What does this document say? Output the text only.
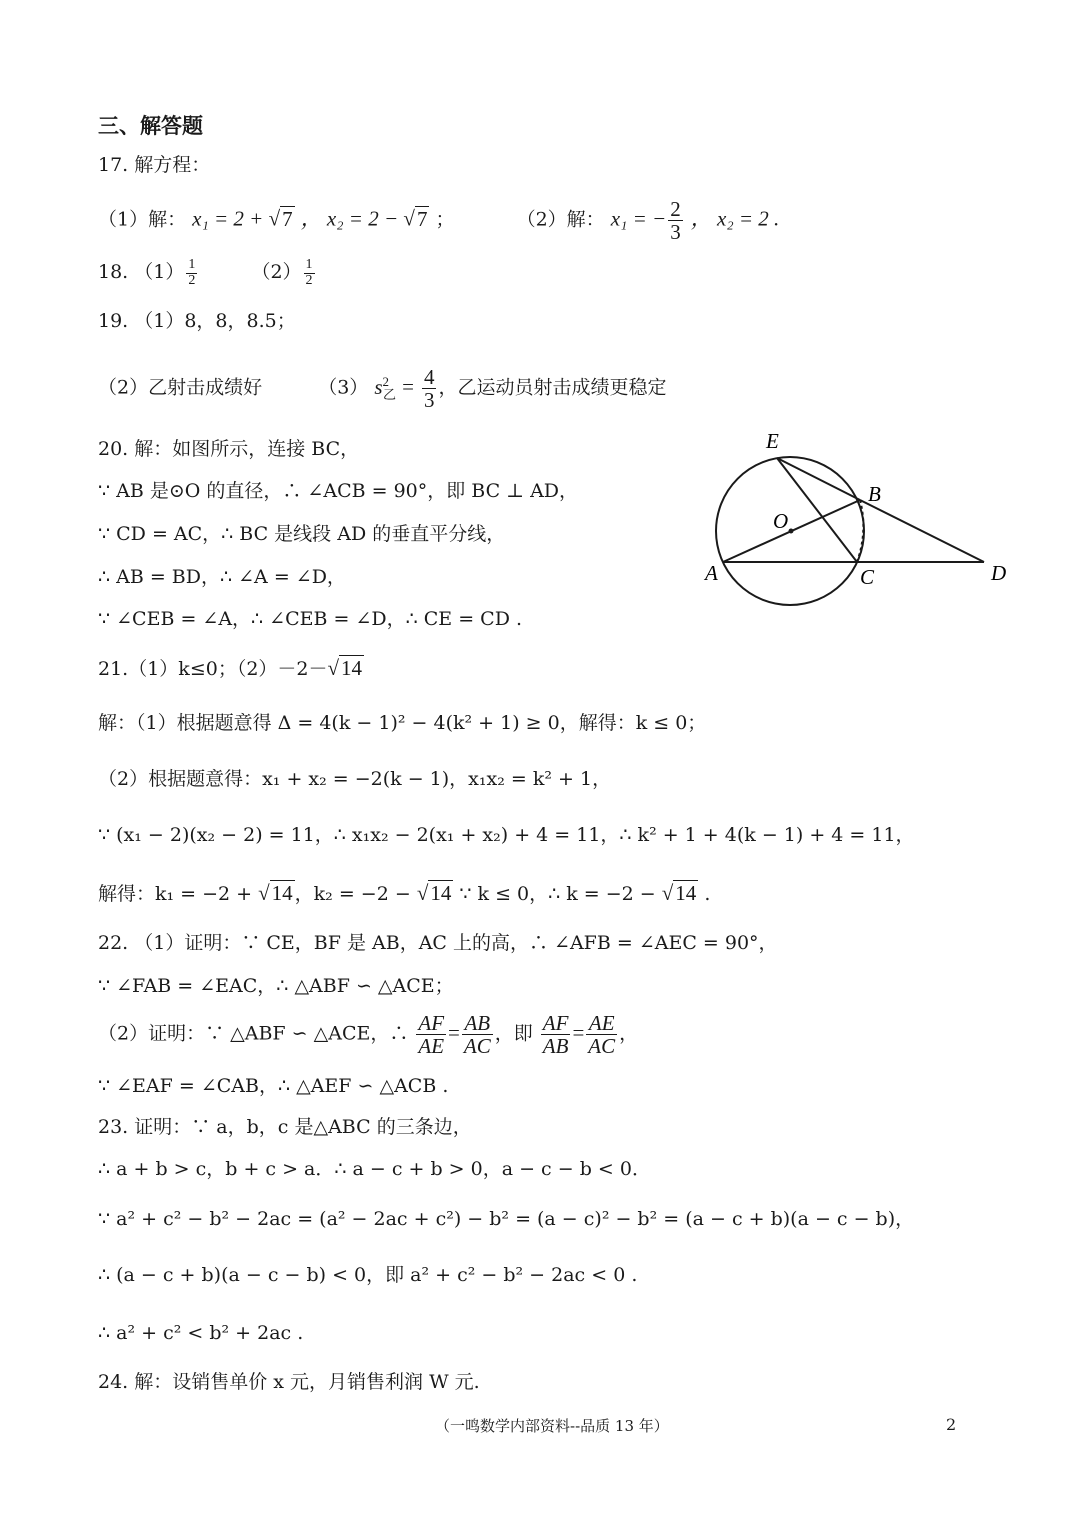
三、解答题
17. 解方程：
（1）解： x₁ = 2 + √7 ， x₂ = 2 − √7 ；	（2）解： x₁ = − $\frac{2}{3}$ ， x₂ = 2 .
18. $(1) \frac{1}{2}$	$(2) \frac{1}{2}$
19. （1）8，8，8.5；
（2）乙射击成绩好	（3） $s^2_乙 = \frac{4}{3}$ ，乙运动员射击成绩更稳定
20. 解：如图所示，连接 BC，
∵ AB 是⊙O 的直径，∴ ∠ACB = 90°，即 BC ⊥ AD，
∵ CD = AC，∴ BC 是线段 AD 的垂直平分线，
∴ AB = BD，∴ ∠A = ∠D，
∵ ∠CEB = ∠A，∴ ∠CEB = ∠D，∴ CE = CD .
E
B
O
A	C	D
21.（1）k≤0；（2）－2－√14
解：（1）根据题意得 Δ = 4(k − 1)² − 4(k² + 1) ≥ 0，解得：k ≤ 0；
（2）根据题意得：x₁ + x₂ = −2(k − 1)，x₁x₂ = k² + 1，
∵ (x₁ − 2)(x₂ − 2) = 11，∴ x₁x₂ − 2(x₁ + x₂) + 4 = 11，∴ k² + 1 + 4(k − 1) + 4 = 11，
解得：k₁ = −2 + √14 ，k₂ = −2 − √14 ∵ k ≤ 0，∴ k = −2 − √14 .
22. （1）证明：∵ CE，BF 是 AB，AC 上的高，∴ ∠AFB = ∠AEC = 90°，
∵ ∠FAB = ∠EAC，∴ △ABF ∽ △ACE；
（2）证明：∵ △ABF ∽ △ACE，∴ $\frac{AF}{AE} = \frac{AB}{AC}$ ，即 $\frac{AF}{AB} = \frac{AE}{AC}$ ，
∵ ∠EAF = ∠CAB，∴ △AEF ∽ △ACB .
23. 证明：∵ a，b，c 是△ABC 的三条边，
∴ a + b > c，b + c > a．∴ a − c + b > 0，a − c − b < 0．
∵ a² + c² − b² − 2ac = (a² − 2ac + c²) − b² = (a − c)² − b² = (a − c + b)(a − c − b)，
∴ (a − c + b)(a − c − b) < 0，即 a² + c² − b² − 2ac < 0 .
∴ a² + c² < b² + 2ac .
24. 解：设销售单价 x 元，月销售利润 W 元.
（一鸣数学内部资料--品质 13 年）	2
